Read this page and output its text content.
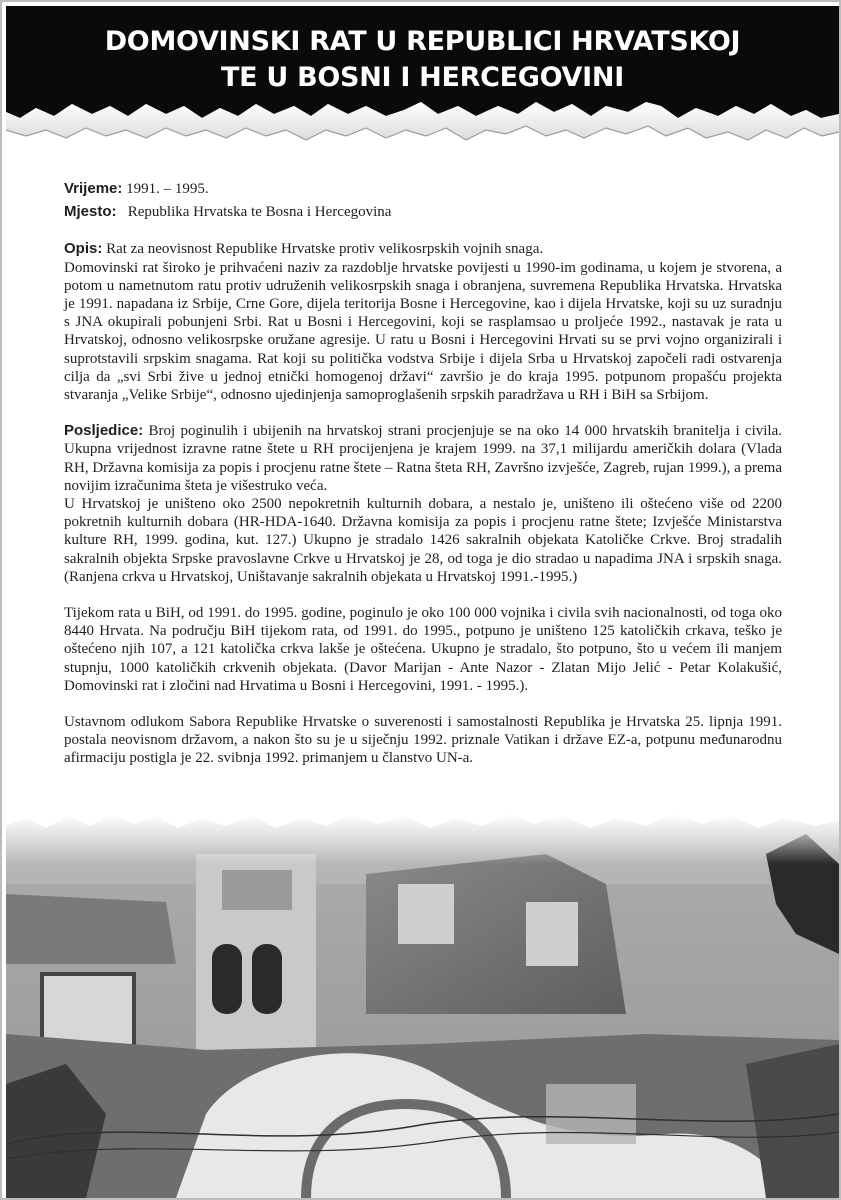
DOMOVINSKI RAT U REPUBLICI HRVATSKOJ
TE U BOSNI I HERCEGOVINI

Vrijeme: 1991. – 1995.

Mjesto: Republika Hrvatska te Bosna i Hercegovina

Opis: Rat za neovisnost Republike Hrvatske protiv velikosrpskih vojnih snaga.

Domovinski rat široko je prihvaćeni naziv za razdoblje hrvatske povijesti u 1990-im godinama, u kojem je stvorena, a potom u nametnutom ratu protiv udruženih velikosrpskih snaga i obranjena, suvremena Republika Hrvatska. Hrvatska je 1991. napadana iz Srbije, Crne Gore, dijela teritorija Bosne i Hercegovine, kao i dijela Hrvatske, koji su uz suradnju s JNA okupirali pobunjeni Srbi. Rat u Bosni i Hercegovini, koji se rasplamsao u proljeće 1992., nastavak je rata u Hrvatskoj, odnosno velikosrpske oružane agresije. U ratu u Bosni i Hercegovini Hrvati su se prvi vojno organizirali i suprotstavili srpskim snagama. Rat koji su politička vodstva Srbije i dijela Srba u Hrvatskoj započeli radi ostvarenja cilja da „svi Srbi žive u jednoj etnički homogenoj državi“ završio je do kraja 1995. potpunom propašću projekta stvaranja „Velike Srbije“, odnosno ujedinjenja samoproglašenih srpskih paradržava u RH i BiH sa Srbijom.

Posljedice: Broj poginulih i ubijenih na hrvatskoj strani procjenjuje se na oko 14 000 hrvatskih branitelja i civila. Ukupna vrijednost izravne ratne štete u RH procijenjena je krajem 1999. na 37,1 milijardu američkih dolara (Vlada RH, Državna komisija za popis i procjenu ratne štete – Ratna šteta RH, Završno izvješće, Zagreb, rujan 1999.), a prema novijim izračunima šteta je višestruko veća.

U Hrvatskoj je uništeno oko 2500 nepokretnih kulturnih dobara, a nestalo je, uništeno ili oštećeno više od 2200 pokretnih kulturnih dobara (HR-HDA-1640. Državna komisija za popis i procjenu ratne štete; Izvješće Ministarstva kulture RH, 1999. godina, kut. 127.) Ukupno je stradalo 1426 sakralnih objekata Katoličke Crkve. Broj stradalih sakralnih objekta Srpske pravoslavne Crkve u Hrvatskoj je 28, od toga je dio stradao u napadima JNA i srpskih snaga. (Ranjena crkva u Hrvatskoj, Uništavanje sakralnih objekata u Hrvatskoj 1991.-1995.)

Tijekom rata u BiH, od 1991. do 1995. godine, poginulo je oko 100 000 vojnika i civila svih nacionalnosti, od toga oko 8440 Hrvata. Na području BiH tijekom rata, od 1991. do 1995., potpuno je uništeno 125 katoličkih crkava, teško je oštećeno njih 107, a 121 katolička crkva lakše je oštećena. Ukupno je stradalo, što potpuno, što u većem ili manjem stupnju, 1000 katoličkih crkvenih objekata. (Davor Marijan - Ante Nazor - Zlatan Mijo Jelić - Petar Kolakušić, Domovinski rat i zločini nad Hrvatima u Bosni i Hercegovini, 1991. - 1995.).

Ustavnom odlukom Sabora Republike Hrvatske o suverenosti i samostalnosti Republika je Hrvatska 25. lipnja 1991. postala neovisnom državom, a nakon što su je u siječnju 1992. priznale Vatikan i države EZ-a, potpunu međunarodnu afirmaciju postigla je 22. svibnja 1992. primanjem u članstvo UN-a.
